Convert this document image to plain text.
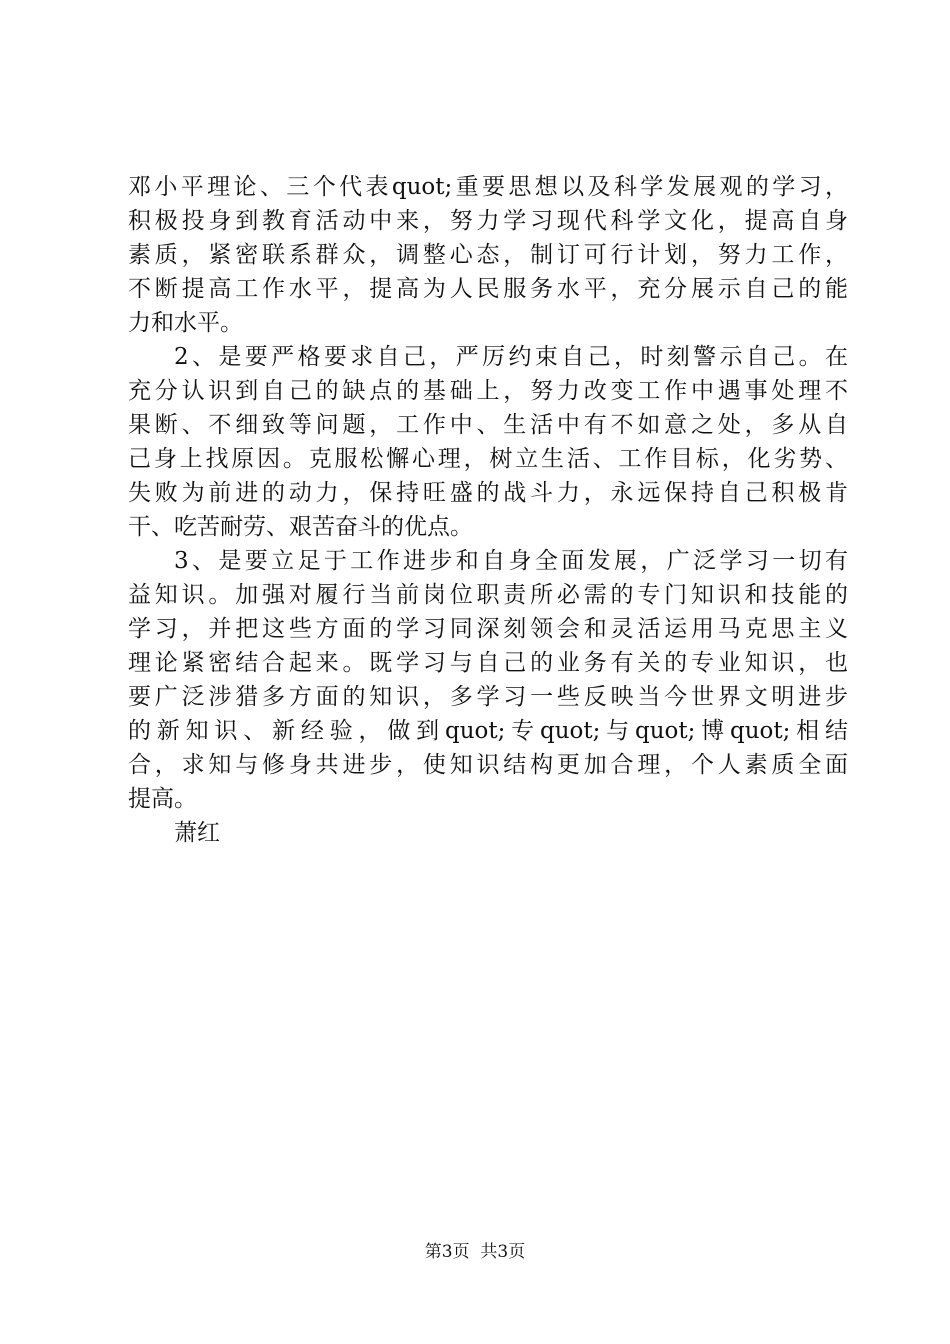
邓小平理论、三个代表quot;重要思想以及科学发展观的学习，
积极投身到教育活动中来，努力学习现代科学文化，提高自身
素质，紧密联系群众，调整心态，制订可行计划，努力工作，
不断提高工作水平，提高为人民服务水平，充分展示自己的能
力和水平。
2、是要严格要求自己，严厉约束自己，时刻警示自己。在
充分认识到自己的缺点的基础上，努力改变工作中遇事处理不
果断、不细致等问题，工作中、生活中有不如意之处，多从自
己身上找原因。克服松懈心理，树立生活、工作目标，化劣势、
失败为前进的动力，保持旺盛的战斗力，永远保持自己积极肯
干、吃苦耐劳、艰苦奋斗的优点。
3、是要立足于工作进步和自身全面发展，广泛学习一切有
益知识。加强对履行当前岗位职责所必需的专门知识和技能的
学习，并把这些方面的学习同深刻领会和灵活运用马克思主义
理论紧密结合起来。既学习与自己的业务有关的专业知识，也
要广泛涉猎多方面的知识，多学习一些反映当今世界文明进步
的新知识、新经验，做到quot;专quot;与quot;博quot;相结
合，求知与修身共进步，使知识结构更加合理，个人素质全面
提高。
萧红
第3页  共3页
